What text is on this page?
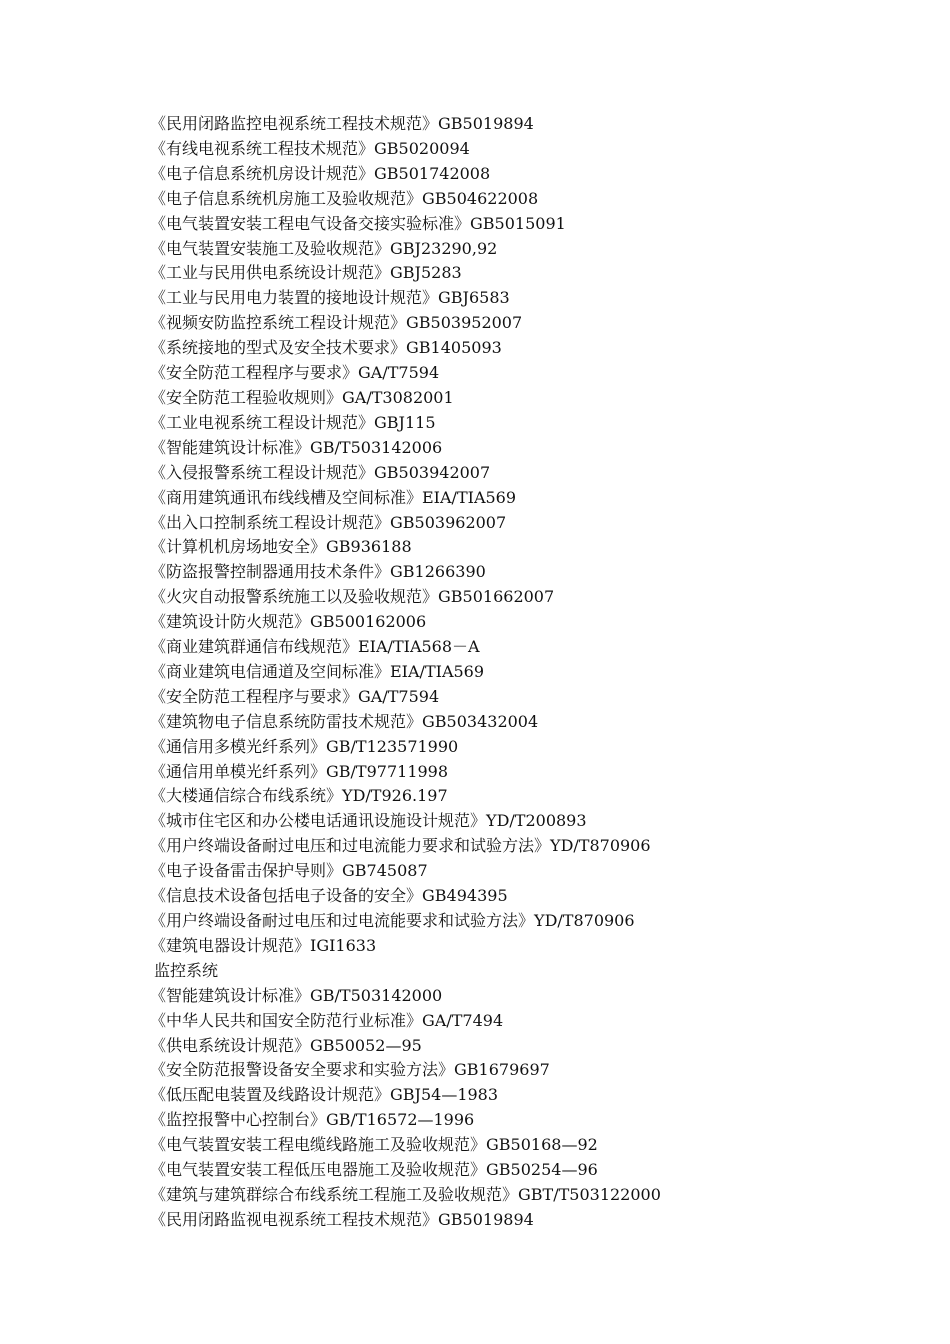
《民用闭路监控电视系统工程技术规范》GB5019894
《有线电视系统工程技术规范》GB5020094
《电子信息系统机房设计规范》GB501742008
《电子信息系统机房施工及验收规范》GB504622008
《电气装置安装工程电气设备交接实验标准》GB5015091
《电气装置安装施工及验收规范》GBJ23290,92
《工业与民用供电系统设计规范》GBJ5283
《工业与民用电力装置的接地设计规范》GBJ6583
《视频安防监控系统工程设计规范》GB503952007
《系统接地的型式及安全技术要求》GB1405093
《安全防范工程程序与要求》GA/T7594
《安全防范工程验收规则》GA/T3082001
《工业电视系统工程设计规范》GBJ115
《智能建筑设计标准》GB/T503142006
《入侵报警系统工程设计规范》GB503942007
《商用建筑通讯布线线槽及空间标准》EIA/TIA569
《出入口控制系统工程设计规范》GB503962007
《计算机机房场地安全》GB936188
《防盗报警控制器通用技术条件》GB1266390
《火灾自动报警系统施工以及验收规范》GB501662007
《建筑设计防火规范》GB500162006
《商业建筑群通信布线规范》EIA/TIA568－A
《商业建筑电信通道及空间标准》EIA/TIA569
《安全防范工程程序与要求》GA/T7594
《建筑物电子信息系统防雷技术规范》GB503432004
《通信用多模光纤系列》GB/T123571990
《通信用单模光纤系列》GB/T97711998
《大楼通信综合布线系统》YD/T926.197
《城市住宅区和办公楼电话通讯设施设计规范》YD/T200893
《用户终端设备耐过电压和过电流能力要求和试验方法》YD/T870906
《电子设备雷击保护导则》GB745087
《信息技术设备包括电子设备的安全》GB494395
《用户终端设备耐过电压和过电流能要求和试验方法》YD/T870906
《建筑电器设计规范》IGI1633
监控系统
《智能建筑设计标准》GB/T503142000
《中华人民共和国安全防范行业标准》GA/T7494
《供电系统设计规范》GB50052—95
《安全防范报警设备安全要求和实验方法》GB1679697
《低压配电装置及线路设计规范》GBJ54—1983
《监控报警中心控制台》GB/T16572—1996
《电气装置安装工程电缆线路施工及验收规范》GB50168—92
《电气装置安装工程低压电器施工及验收规范》GB50254—96
《建筑与建筑群综合布线系统工程施工及验收规范》GBT/T503122000
《民用闭路监视电视系统工程技术规范》GB5019894
